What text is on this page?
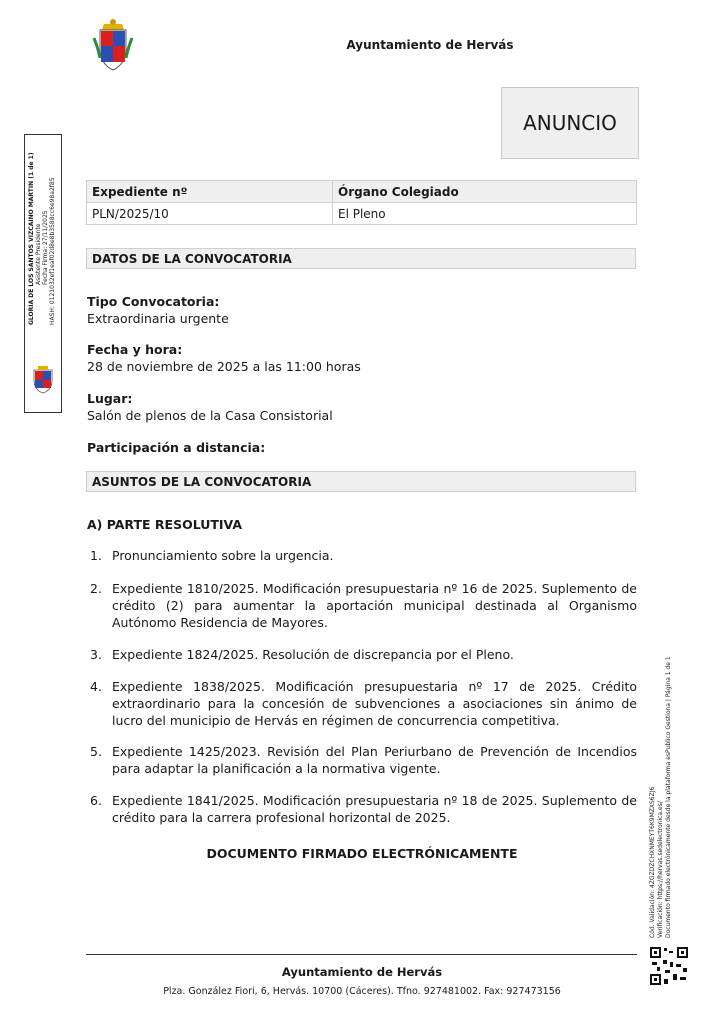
Ayuntamiento de Hervás
ANUNCIO
GLORIA DE LOS SANTOS VIZCAINO MARTIN (1 de 1) Asistente Presidente Fecha Firma: 27/11/2025 HASH: 0121032ef1eaf02d8e8b3588cc6e98a2f85	Expediente nº	Órgano Colegiado
PLN/2025/10	El Pleno
DATOS DE LA CONVOCATORIA
Tipo Convocatoria:
Extraordinaria urgente
Fecha y hora:
28 de noviembre de 2025 a las 11:00 horas
Lugar:
Salón de plenos de la Casa Consistorial
Participación a distancia:
ASUNTOS DE LA CONVOCATORIA
A) PARTE RESOLUTIVA
1. Pronunciamiento sobre la urgencia.
2. Expediente 1810/2025. Modificación presupuestaria nº 16 de 2025. Suplemento de crédito (2) para aumentar la aportación municipal destinada al Organismo Autónomo Residencia de Mayores.
3. Expediente 1824/2025. Resolución de discrepancia por el Pleno.
4. Expediente 1838/2025. Modificación presupuestaria nº 17 de 2025. Crédito extraordinario para la concesión de subvenciones a asociaciones sin ánimo de lucro del municipio de Hervás en régimen de concurrencia competitiva.
5. Expediente 1425/2023. Revisión del Plan Periurbano de Prevención de Incendios para adaptar la planificación a la normativa vigente.
6. Expediente 1841/2025. Modificación presupuestaria nº 18 de 2025. Suplemento de crédito para la carrera profesional horizontal de 2025.
DOCUMENTO FIRMADO ELECTRÓNICAMENTE	Cód. Validación: 4ZGZDZCHXNMEYT6K9MZXS6ZJ6 Verificación: https://hervas.sedelectronica.es/ Documento firmado electrónicamente desde la plataforma esPublico Gestiona | Página 1 de 1
Ayuntamiento de Hervás
Plza. González Fiori, 6, Hervás. 10700 (Cáceres). Tfno. 927481002. Fax: 927473156
